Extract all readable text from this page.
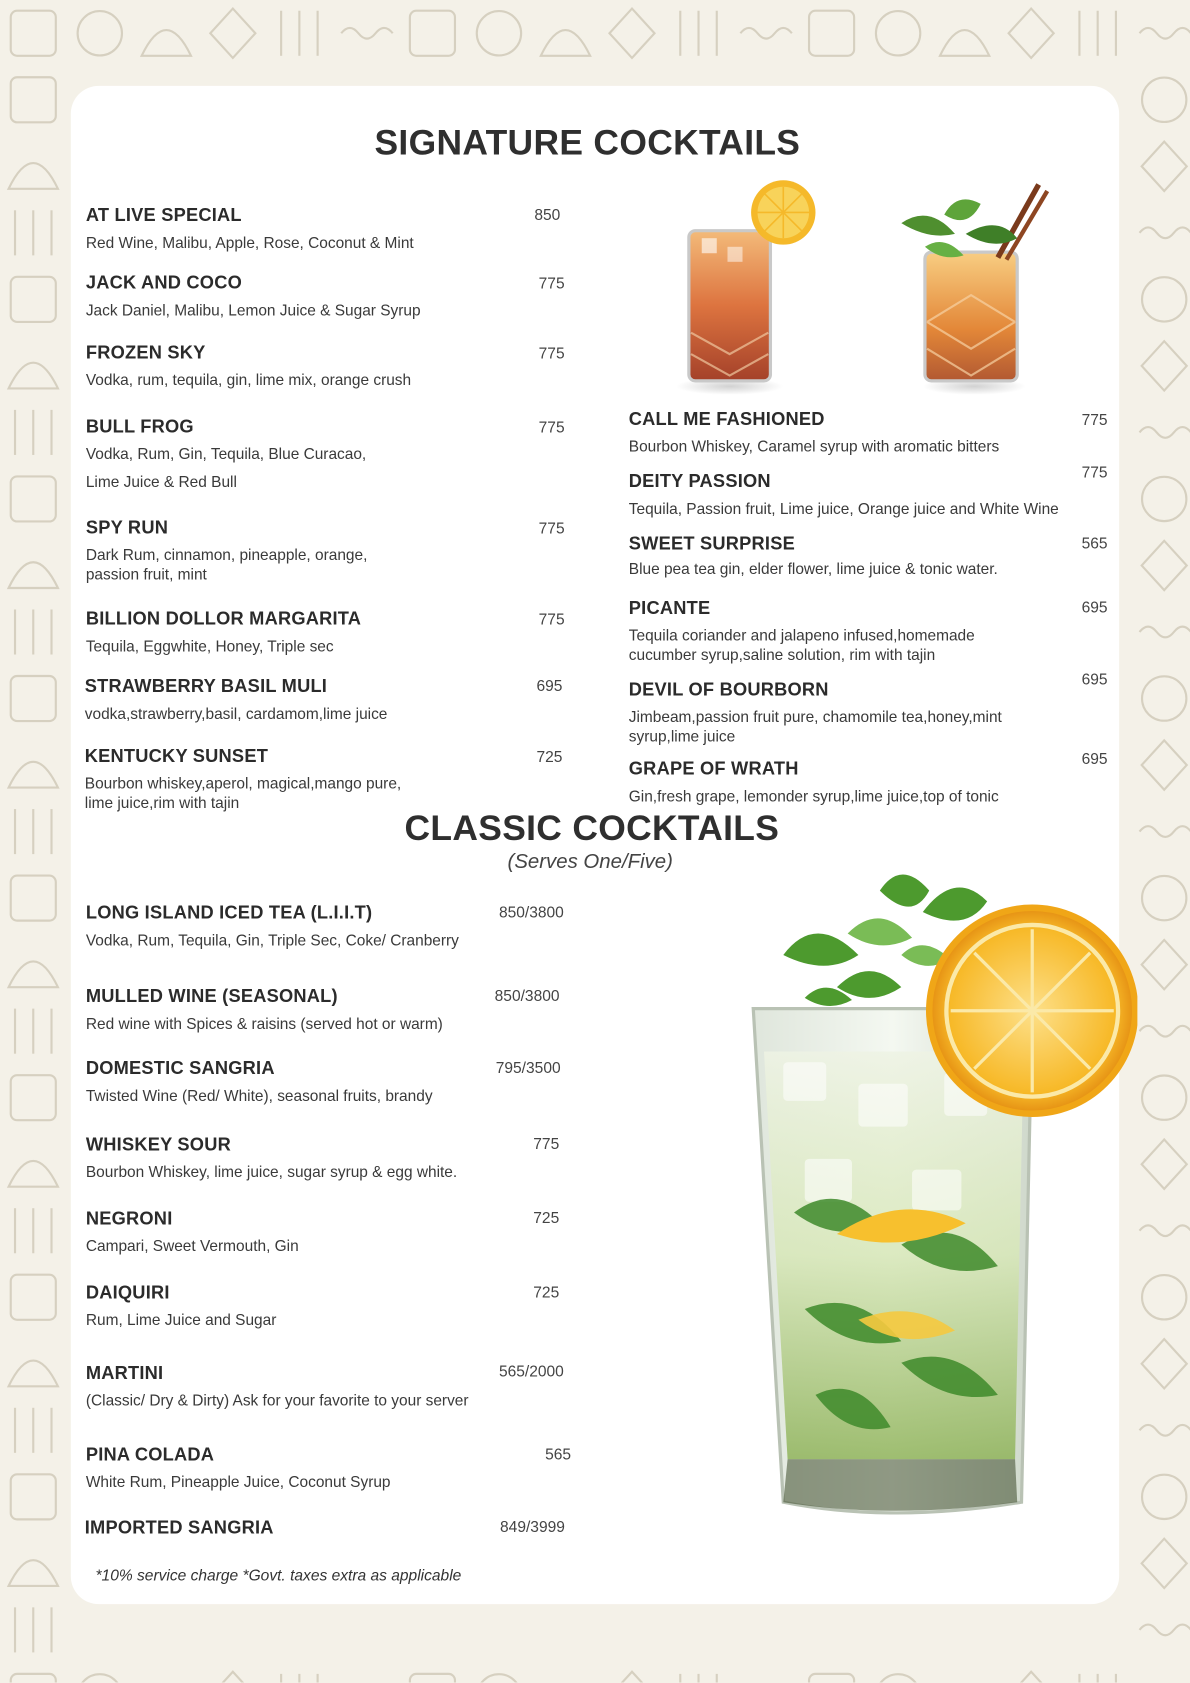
SIGNATURE COCKTAILS
AT LIVE SPECIAL
Red Wine, Malibu, Apple, Rose, Coconut & Mint
850
JACK AND COCO
Jack Daniel, Malibu, Lemon Juice & Sugar Syrup
775
FROZEN SKY
Vodka, rum, tequila, gin, lime mix, orange crush
775
BULL FROG
Vodka, Rum, Gin, Tequila, Blue Curacao,
Lime Juice & Red Bull
775
SPY RUN
Dark Rum, cinnamon, pineapple, orange,
passion fruit, mint
775
BILLION DOLLOR MARGARITA
Tequila, Eggwhite, Honey, Triple sec
775
STRAWBERRY BASIL MULI
vodka,strawberry,basil, cardamom,lime juice
695
KENTUCKY SUNSET
Bourbon whiskey,aperol, magical,mango pure,
lime juice,rim with tajin
725
CALL ME FASHIONED
Bourbon Whiskey, Caramel syrup with aromatic bitters
775
DEITY PASSION
Tequila, Passion fruit, Lime juice, Orange juice and White Wine
775
SWEET SURPRISE
Blue pea tea gin, elder flower, lime juice & tonic water.
565
PICANTE
Tequila coriander and jalapeno infused,homemade
cucumber syrup,saline solution, rim with tajin
695
DEVIL OF BOURBORN
Jimbeam,passion fruit pure, chamomile tea,honey,mint
syrup,lime juice
695
GRAPE OF WRATH
Gin,fresh grape, lemonder syrup,lime juice,top of tonic
695
CLASSIC COCKTAILS
(Serves One/Five)
LONG ISLAND ICED TEA (L.I.I.T)
Vodka, Rum, Tequila, Gin, Triple Sec, Coke/ Cranberry
850/3800
MULLED WINE (SEASONAL)
Red wine with Spices & raisins (served hot or warm)
850/3800
DOMESTIC SANGRIA
Twisted Wine (Red/ White), seasonal fruits, brandy
795/3500
WHISKEY SOUR
Bourbon Whiskey, lime juice, sugar syrup & egg white.
775
NEGRONI
Campari, Sweet Vermouth, Gin
725
DAIQUIRI
Rum, Lime Juice and Sugar
725
MARTINI
(Classic/ Dry & Dirty) Ask for your favorite to your server
565/2000
PINA COLADA
White Rum, Pineapple Juice, Coconut Syrup
565
IMPORTED SANGRIA	849/3999
*10% service charge *Govt. taxes extra as applicable
